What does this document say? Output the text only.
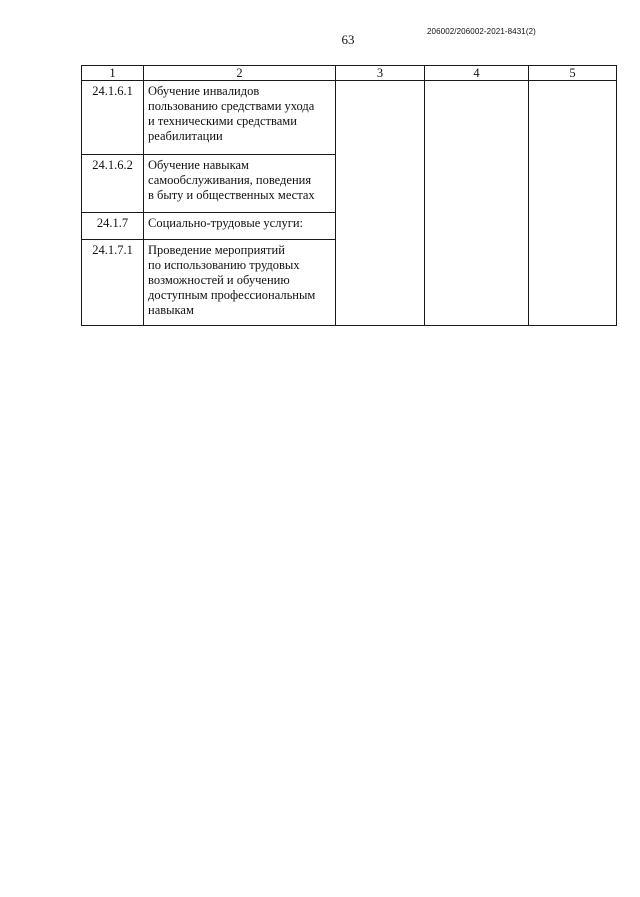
63
206002/206002-2021-8431(2)
1	2	3	4	5
24.1.6.1	Обучение инвалидов
пользованию средствами ухода
и техническими средствами
реабилитации			

24.1.6.2	Обучение навыкам
самообслуживания, поведения
в быту и общественных местах			

24.1.7	Социально-трудовые услуги:			

24.1.7.1	Проведение мероприятий
по использованию трудовых
возможностей и обучению
доступным профессиональным
навыкам			
